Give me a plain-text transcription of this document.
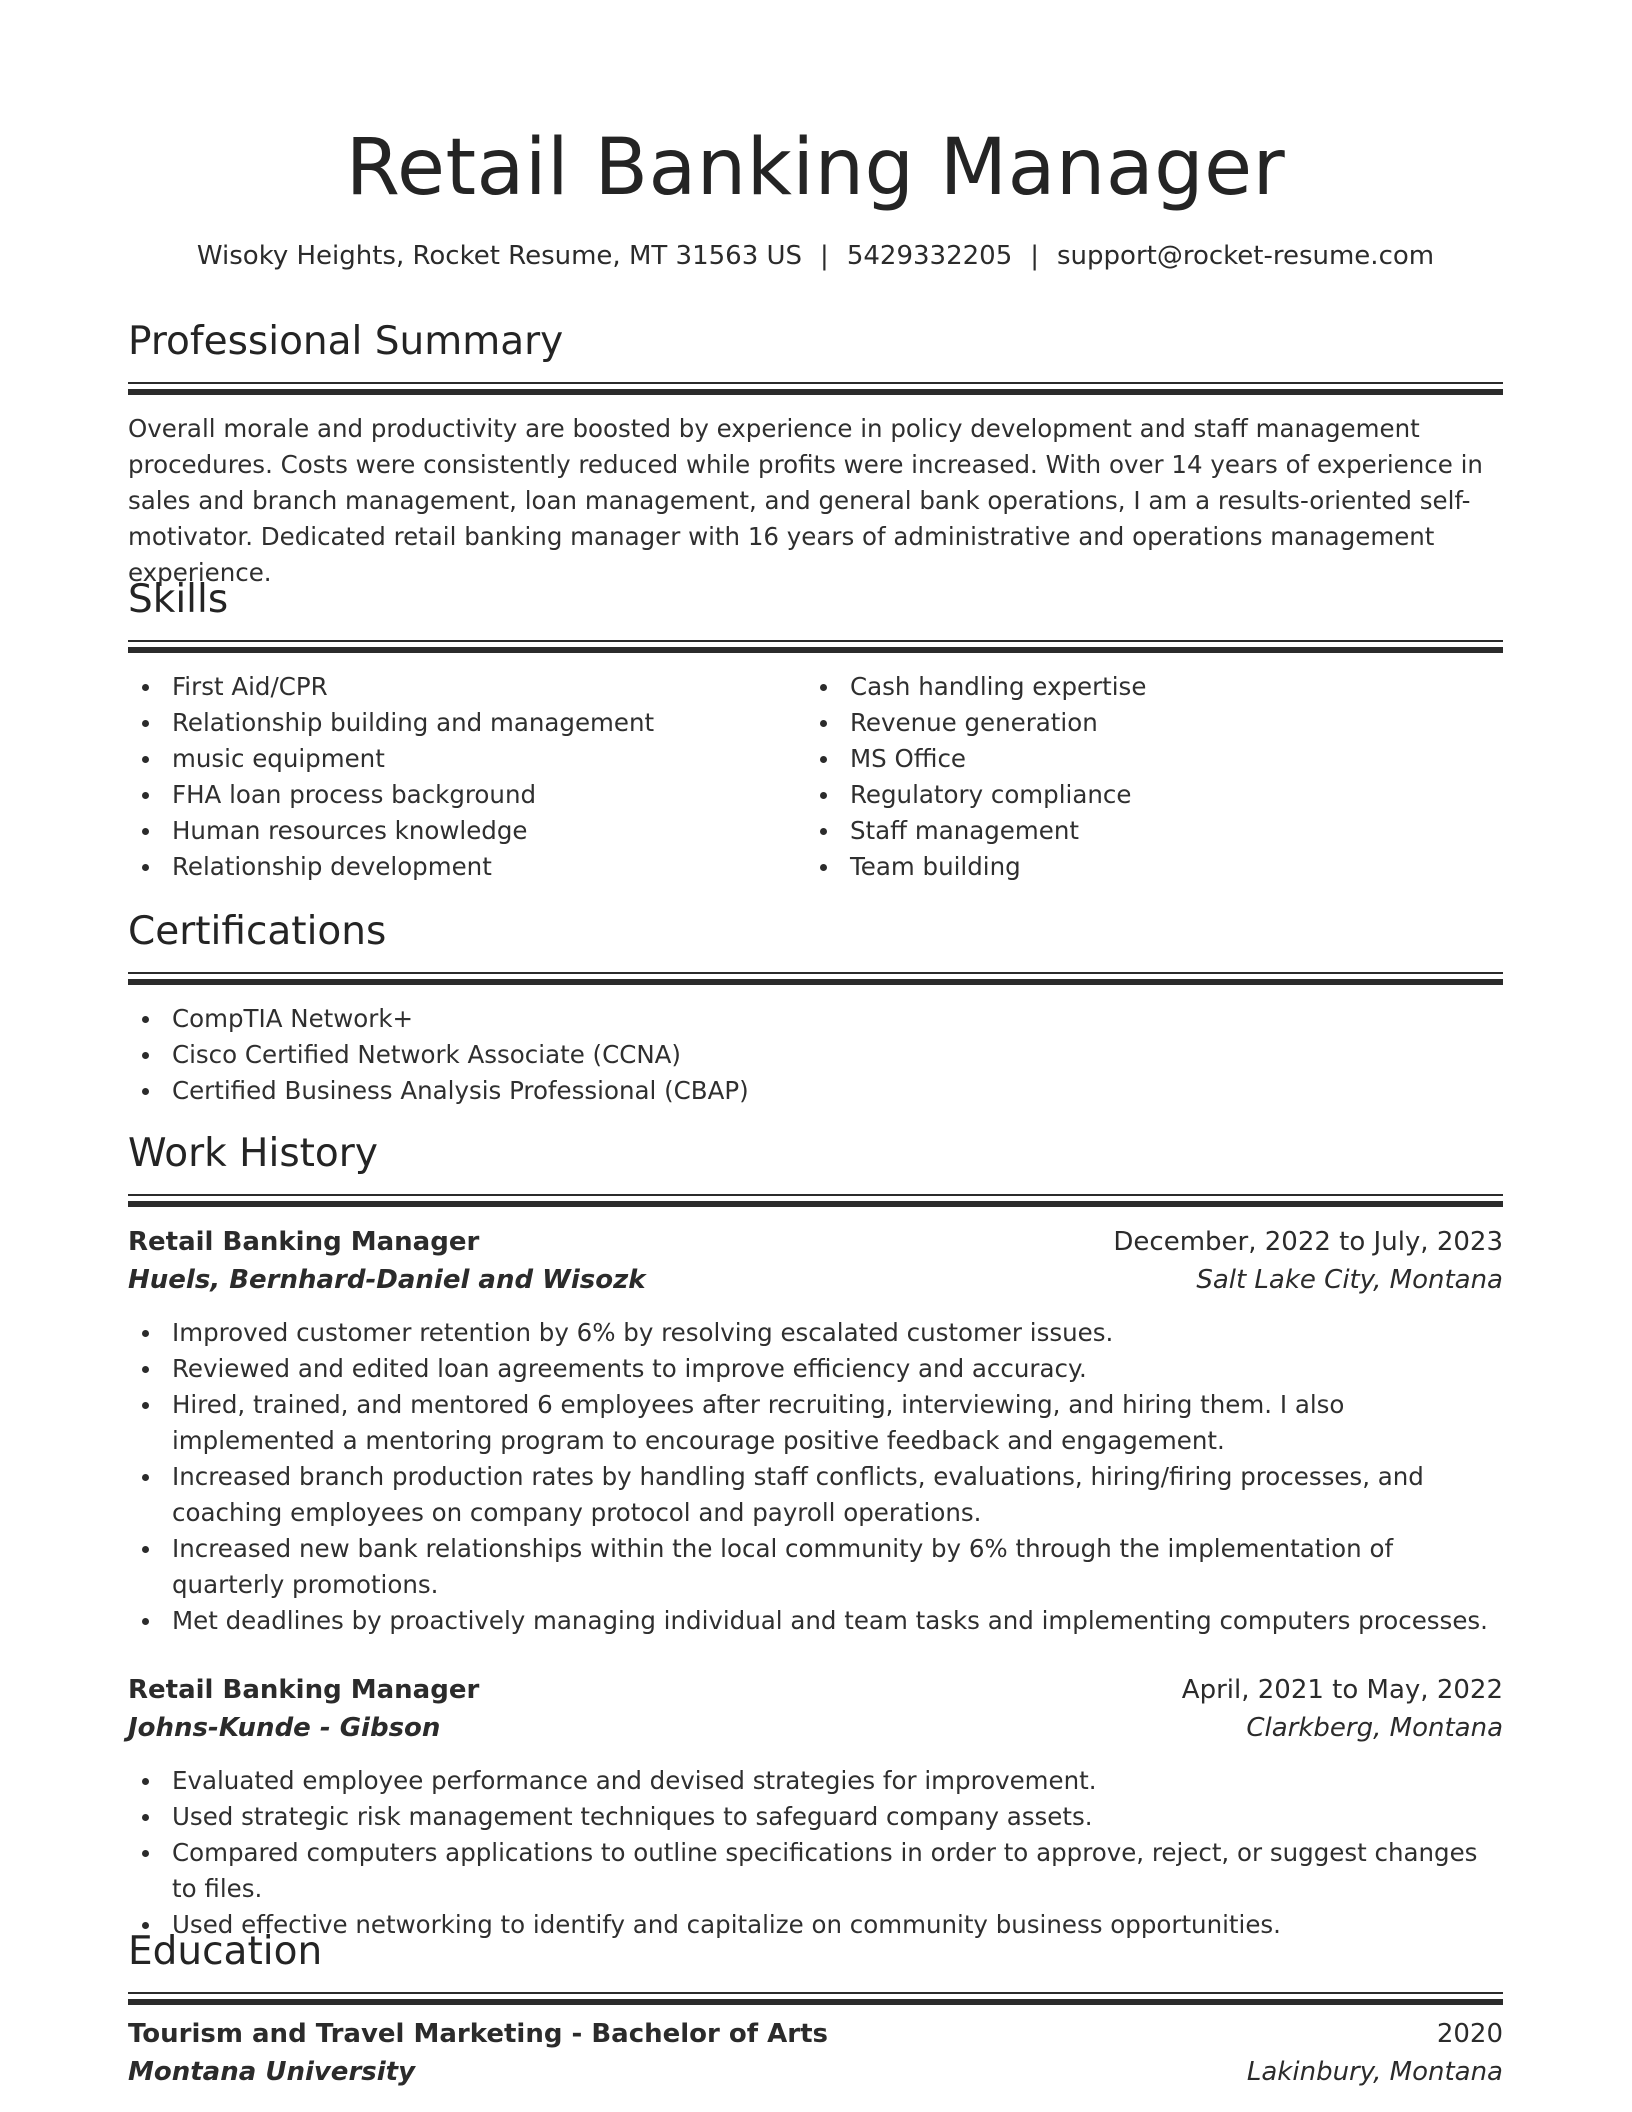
Retail Banking Manager
Wisoky Heights, Rocket Resume, MT 31563 US | 5429332205 | support@rocket-resume.com
Professional Summary
Overall morale and productivity are boosted by experience in policy development and staff management procedures. Costs were consistently reduced while profits were increased. With over 14 years of experience in sales and branch management, loan management, and general bank operations, I am a results-oriented self-motivator. Dedicated retail banking manager with 16 years of administrative and operations management experience.
Skills
First Aid/CPR
Relationship building and management
music equipment
FHA loan process background
Human resources knowledge
Relationship development
Cash handling expertise
Revenue generation
MS Office
Regulatory compliance
Staff management
Team building
Certifications
CompTIA Network+
Cisco Certified Network Associate (CCNA)
Certified Business Analysis Professional (CBAP)
Work History
Retail Banking Manager	December, 2022 to July, 2023
Huels, Bernhard-Daniel and Wisozk	Salt Lake City, Montana
Improved customer retention by 6% by resolving escalated customer issues.
Reviewed and edited loan agreements to improve efficiency and accuracy.
Hired, trained, and mentored 6 employees after recruiting, interviewing, and hiring them. I also implemented a mentoring program to encourage positive feedback and engagement.
Increased branch production rates by handling staff conflicts, evaluations, hiring/firing processes, and coaching employees on company protocol and payroll operations.
Increased new bank relationships within the local community by 6% through the implementation of quarterly promotions.
Met deadlines by proactively managing individual and team tasks and implementing computers processes.
Retail Banking Manager	April, 2021 to May, 2022
Johns-Kunde - Gibson	Clarkberg, Montana
Evaluated employee performance and devised strategies for improvement.
Used strategic risk management techniques to safeguard company assets.
Compared computers applications to outline specifications in order to approve, reject, or suggest changes to files.
Used effective networking to identify and capitalize on community business opportunities.
Education
Tourism and Travel Marketing - Bachelor of Arts	2020
Montana University	Lakinbury, Montana
